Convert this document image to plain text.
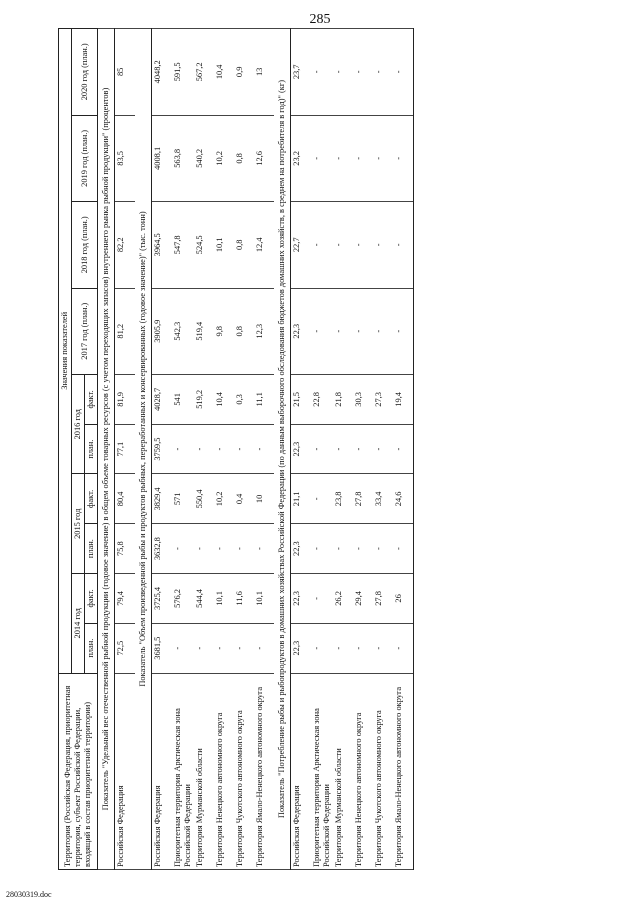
285
Территория (Российская Федерация, приоритетная территория, субъект Российской Федерации, входящий в состав приоритетной территории)	Значения показателей									
	2014 год		2015 год		2016 год		2017 год (план.)	2018 год (план.)	2019 год (план.)	2020 год (план.)
	план.	факт.	план.	факт.	план.	факт.				
Показатель "Удельный вес отечественной рыбной продукции (годовое значение) в общем объеме товарных ресурсов (с учетом переходящих запасов) внутреннего рынка рыбной продукции" (процентов)										
Российская Федерация	72,5	79,4	75,8	80,4	77,1	81,9	81,2	82,2	83,5	85
Показатель "Объем произведенной рыбы и продуктов рыбных, переработанных и консервированных (годовое значение)" (тыс. тонн)										
Российская Федерация	3681,5	3725,4	3632,8	3829,4	3759,5	4028,7	3905,9	3964,5	4008,1	4048,2
Приоритетная территория Арктическая зона Российской Федерации	-	576,2	-	571	-	541	542,3	547,8	563,8	591,5
Территория Мурманской области	-	544,4	-	550,4	-	519,2	519,4	524,5	540,2	567,2
Территория Ненецкого автономного округа	-	10,1	-	10,2	-	10,4	9,8	10,1	10,2	10,4
Территория Чукотского автономного округа	-	11,6	-	0,4	-	0,3	0,8	0,8	0,8	0,9
Территория Ямало-Ненецкого автономного округа	-	10,1	-	10	-	11,1	12,3	12,4	12,6	13
Показатель "Потребление рыбы и рыбопродуктов в домашних хозяйствах Российской Федерации (по данным выборочного обследования бюджетов домашних хозяйств, в среднем на потребителя в год)" (кг)										
Российская Федерация	22,3	22,3	22,3	21,1	22,3	21,5	22,3	22,7	23,2	23,7
Приоритетная территория Арктическая зона Российской Федерации	-	-	-	-	-	22,8	-	-	-	-
Территория Мурманской области	-	26,2	-	23,8	-	21,8	-	-	-	-
Территория Ненецкого автономного округа	-	29,4	-	27,8	-	30,3	-	-	-	-
Территория Чукотского автономного округа	-	27,8	-	33,4	-	27,3	-	-	-	-
Территория Ямало-Ненецкого автономного округа	-	26	-	24,6	-	19,4	-	-	-	-
28030319.doc
